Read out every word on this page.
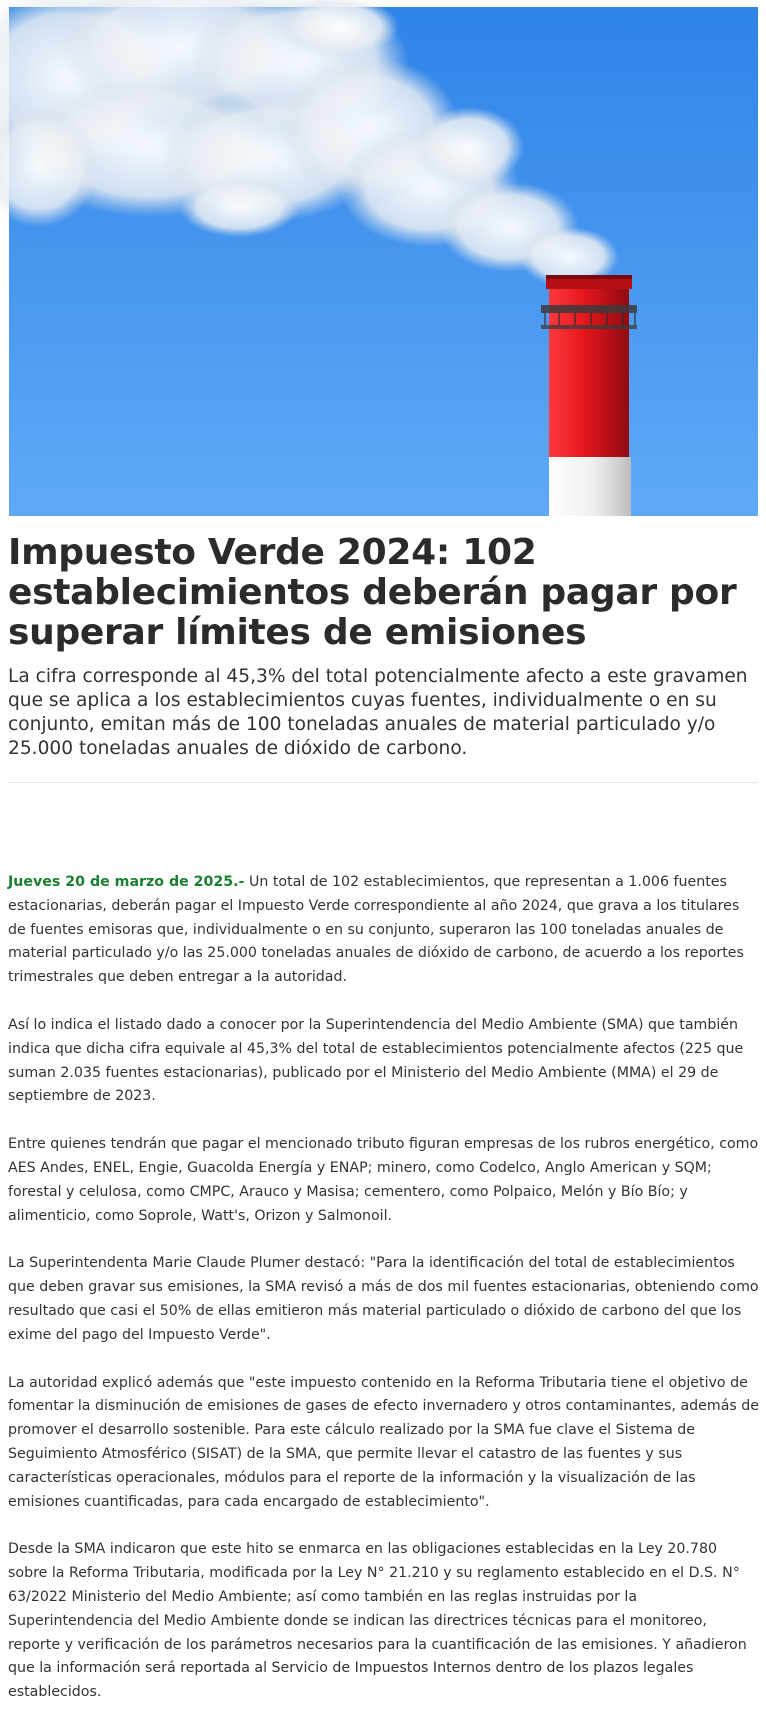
Impuesto Verde 2024: 102 establecimientos deberán pagar por superar límites de emisiones

La cifra corresponde al 45,3% del total potencialmente afecto a este gravamen que se aplica a los establecimientos cuyas fuentes, individualmente o en su conjunto, emitan más de 100 toneladas anuales de material particulado y/o 25.000 toneladas anuales de dióxido de carbono.

Jueves 20 de marzo de 2025.- Un total de 102 establecimientos, que representan a 1.006 fuentes estacionarias, deberán pagar el Impuesto Verde correspondiente al año 2024, que grava a los titulares de fuentes emisoras que, individualmente o en su conjunto, superaron las 100 toneladas anuales de material particulado y/o las 25.000 toneladas anuales de dióxido de carbono, de acuerdo a los reportes trimestrales que deben entregar a la autoridad.

Así lo indica el listado dado a conocer por la Superintendencia del Medio Ambiente (SMA) que también indica que dicha cifra equivale al 45,3% del total de establecimientos potencialmente afectos (225 que suman 2.035 fuentes estacionarias), publicado por el Ministerio del Medio Ambiente (MMA) el 29 de septiembre de 2023.

Entre quienes tendrán que pagar el mencionado tributo figuran empresas de los rubros energético, como AES Andes, ENEL, Engie, Guacolda Energía y ENAP; minero, como Codelco, Anglo American y SQM; forestal y celulosa, como CMPC, Arauco y Masisa; cementero, como Polpaico, Melón y Bío Bío; y alimenticio, como Soprole, Watt's, Orizon y Salmonoil.

La Superintendenta Marie Claude Plumer destacó: "Para la identificación del total de establecimientos que deben gravar sus emisiones, la SMA revisó a más de dos mil fuentes estacionarias, obteniendo como resultado que casi el 50% de ellas emitieron más material particulado o dióxido de carbono del que los exime del pago del Impuesto Verde".

La autoridad explicó además que "este impuesto contenido en la Reforma Tributaria tiene el objetivo de fomentar la disminución de emisiones de gases de efecto invernadero y otros contaminantes, además de promover el desarrollo sostenible. Para este cálculo realizado por la SMA fue clave el Sistema de Seguimiento Atmosférico (SISAT) de la SMA, que permite llevar el catastro de las fuentes y sus características operacionales, módulos para el reporte de la información y la visualización de las emisiones cuantificadas, para cada encargado de establecimiento".

Desde la SMA indicaron que este hito se enmarca en las obligaciones establecidas en la Ley 20.780 sobre la Reforma Tributaria, modificada por la Ley N° 21.210 y su reglamento establecido en el D.S. N° 63/2022 Ministerio del Medio Ambiente; así como también en las reglas instruidas por la Superintendencia del Medio Ambiente donde se indican las directrices técnicas para el monitoreo, reporte y verificación de los parámetros necesarios para la cuantificación de las emisiones. Y añadieron que la información será reportada al Servicio de Impuestos Internos dentro de los plazos legales establecidos.
